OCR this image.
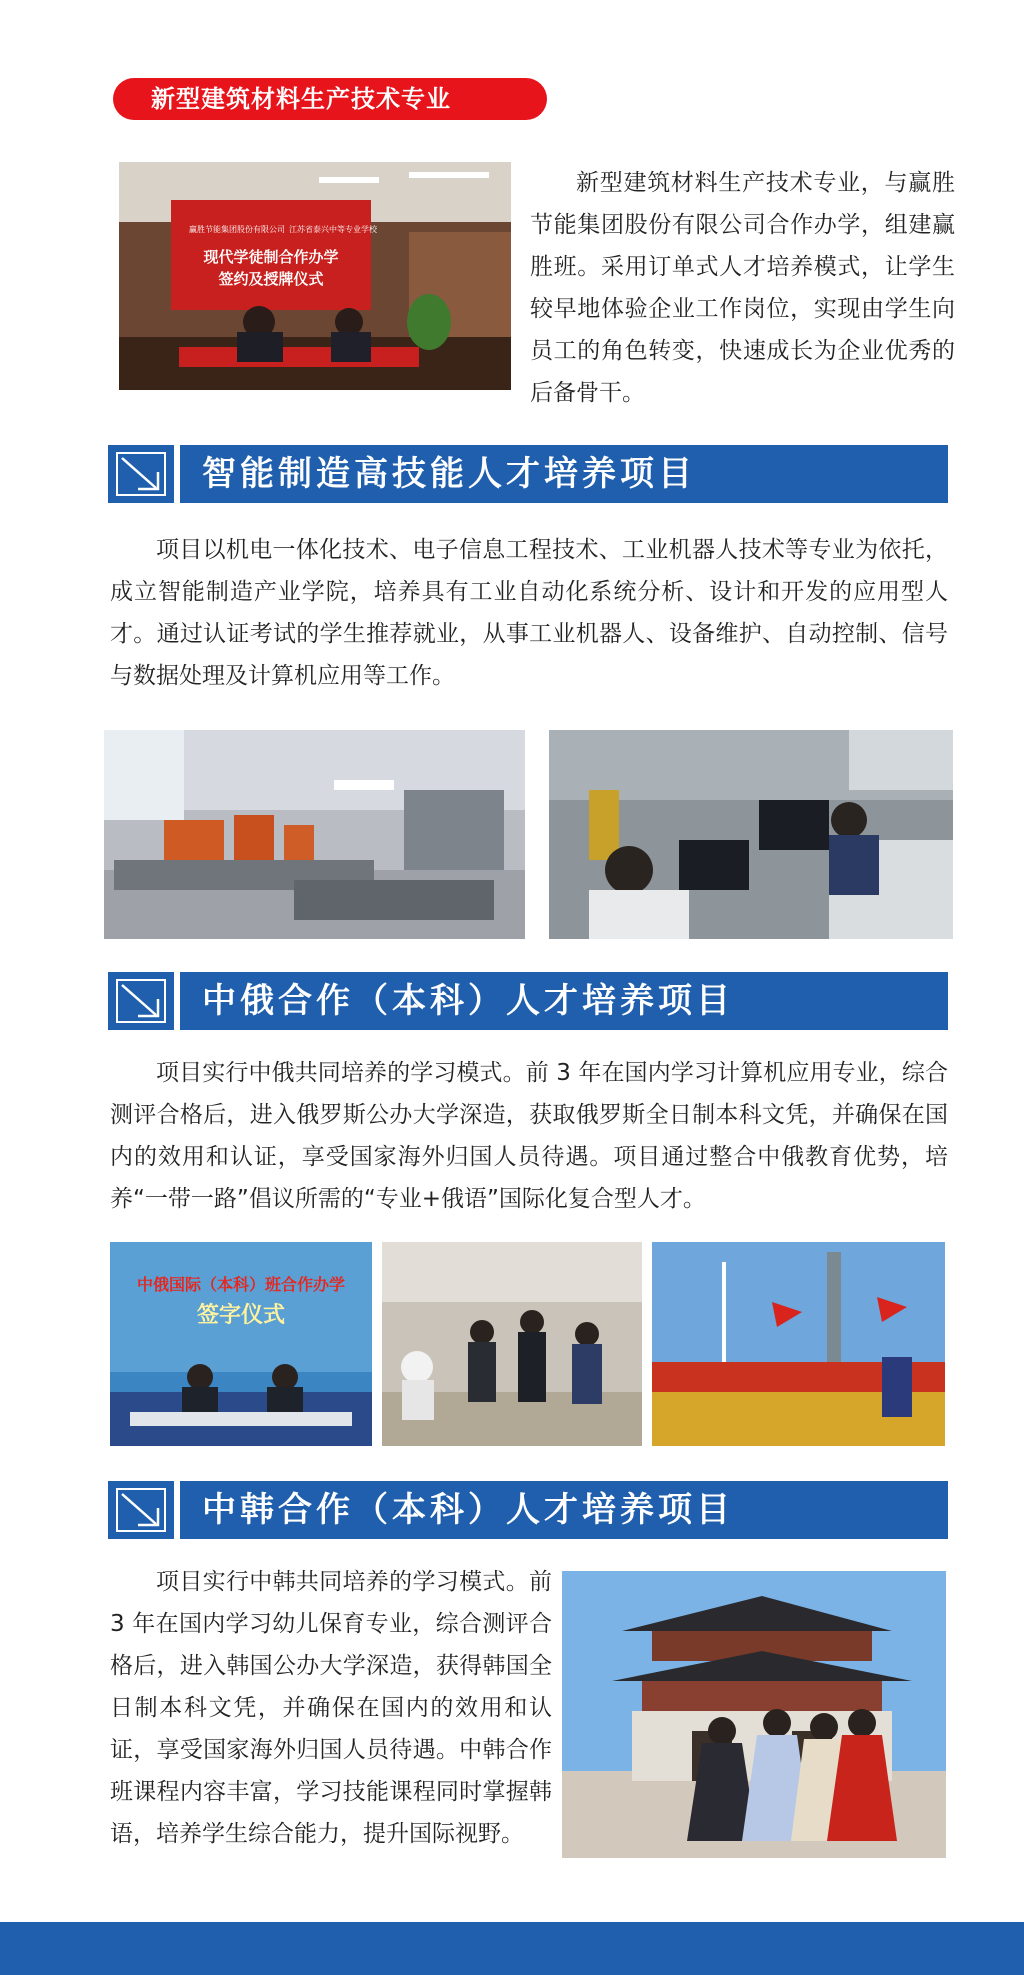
新型建筑材料生产技术专业
赢胜节能集团股份有限公司 江苏省泰兴中等专业学校
现代学徒制合作办学
签约及授牌仪式

新型建筑材料生产技术专业，与赢胜节能集团股份有限公司合作办学，组建赢胜班。采用订单式人才培养模式，让学生较早地体验企业工作岗位，实现由学生向员工的角色转变，快速成长为企业优秀的后备骨干。

智能制造高技能人才培养项目

项目以机电一体化技术、电子信息工程技术、工业机器人技术等专业为依托，成立智能制造产业学院，培养具有工业自动化系统分析、设计和开发的应用型人才。通过认证考试的学生推荐就业，从事工业机器人、设备维护、自动控制、信号与数据处理及计算机应用等工作。

中俄合作（本科）人才培养项目

项目实行中俄共同培养的学习模式。前 3 年在国内学习计算机应用专业，综合测评合格后，进入俄罗斯公办大学深造，获取俄罗斯全日制本科文凭，并确保在国内的效用和认证，享受国家海外归国人员待遇。项目通过整合中俄教育优势，培养“一带一路”倡议所需的“专业+俄语”国际化复合型人才。

中俄国际（本科）班合作办学
签字仪式
中韩合作（本科）人才培养项目

项目实行中韩共同培养的学习模式。前 3 年在国内学习幼儿保育专业，综合测评合格后，进入韩国公办大学深造，获得韩国全日制本科文凭，并确保在国内的效用和认证，享受国家海外归国人员待遇。中韩合作班课程内容丰富，学习技能课程同时掌握韩语，培养学生综合能力，提升国际视野。
